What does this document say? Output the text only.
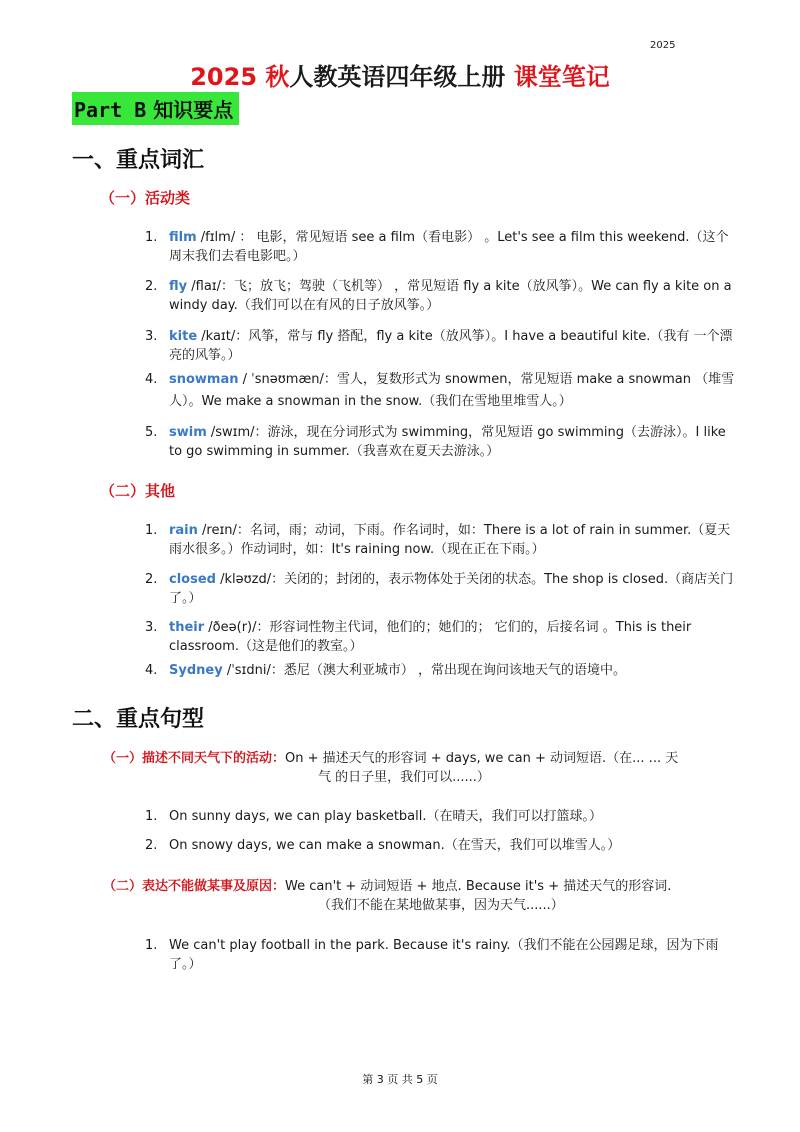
2025
2025 秋人教英语四年级上册 课堂笔记
Part B 知识要点
一、重点词汇
（一）活动类
1. film /fɪlm/ ： 电影，常见短语 see a film（看电影） 。Let's see a film this weekend.（这个周末我们去看电影吧。）
2. fly /flaɪ/：飞；放飞；驾驶（飞机等） ，常见短语 fly a kite（放风筝）。We can fly a kite on a windy day.（我们可以在有风的日子放风筝。）
3. kite /kaɪt/：风筝，常与 fly 搭配，fly a kite（放风筝）。I have a beautiful kite.（我有 一个漂亮的风筝。）
4. snowman / ˈsnəʊmæn/：雪人，复数形式为 snowmen，常见短语 make a snowman （堆雪人）。We make a snowman in the snow.（我们在雪地里堆雪人。）
5. swim /swɪm/：游泳，现在分词形式为 swimming，常见短语 go swimming（去游泳）。I like to go swimming in summer.（我喜欢在夏天去游泳。）
（二）其他
1. rain /reɪn/：名词，雨；动词，下雨。作名词时，如：There is a lot of rain in summer.（夏天雨水很多。）作动词时，如：It's raining now.（现在正在下雨。）
2. closed /kləʊzd/：关闭的；封闭的，表示物体处于关闭的状态。The shop is closed.（商店关门了。）
3. their /ðeə(r)/：形容词性物主代词，他们的；她们的； 它们的，后接名词 。This is their classroom.（这是他们的教室。）
4. Sydney /ˈsɪdni/：悉尼（澳大利亚城市） ，常出现在询问该地天气的语境中。
二、重点句型
（一）描述不同天气下的活动：On + 描述天气的形容词 + days, we can + 动词短语.（在... ... 天
气 的日子里，我们可以......）
1. On sunny days, we can play basketball.（在晴天，我们可以打篮球。）
2. On snowy days, we can make a snowman.（在雪天，我们可以堆雪人。）
（二）表达不能做某事及原因：We can't + 动词短语 + 地点. Because it's + 描述天气的形容词.
（我们不能在某地做某事，因为天气......）
1. We can't play football in the park. Because it's rainy.（我们不能在公园踢足球，因为下雨了。）
第 3 页 共 5 页
